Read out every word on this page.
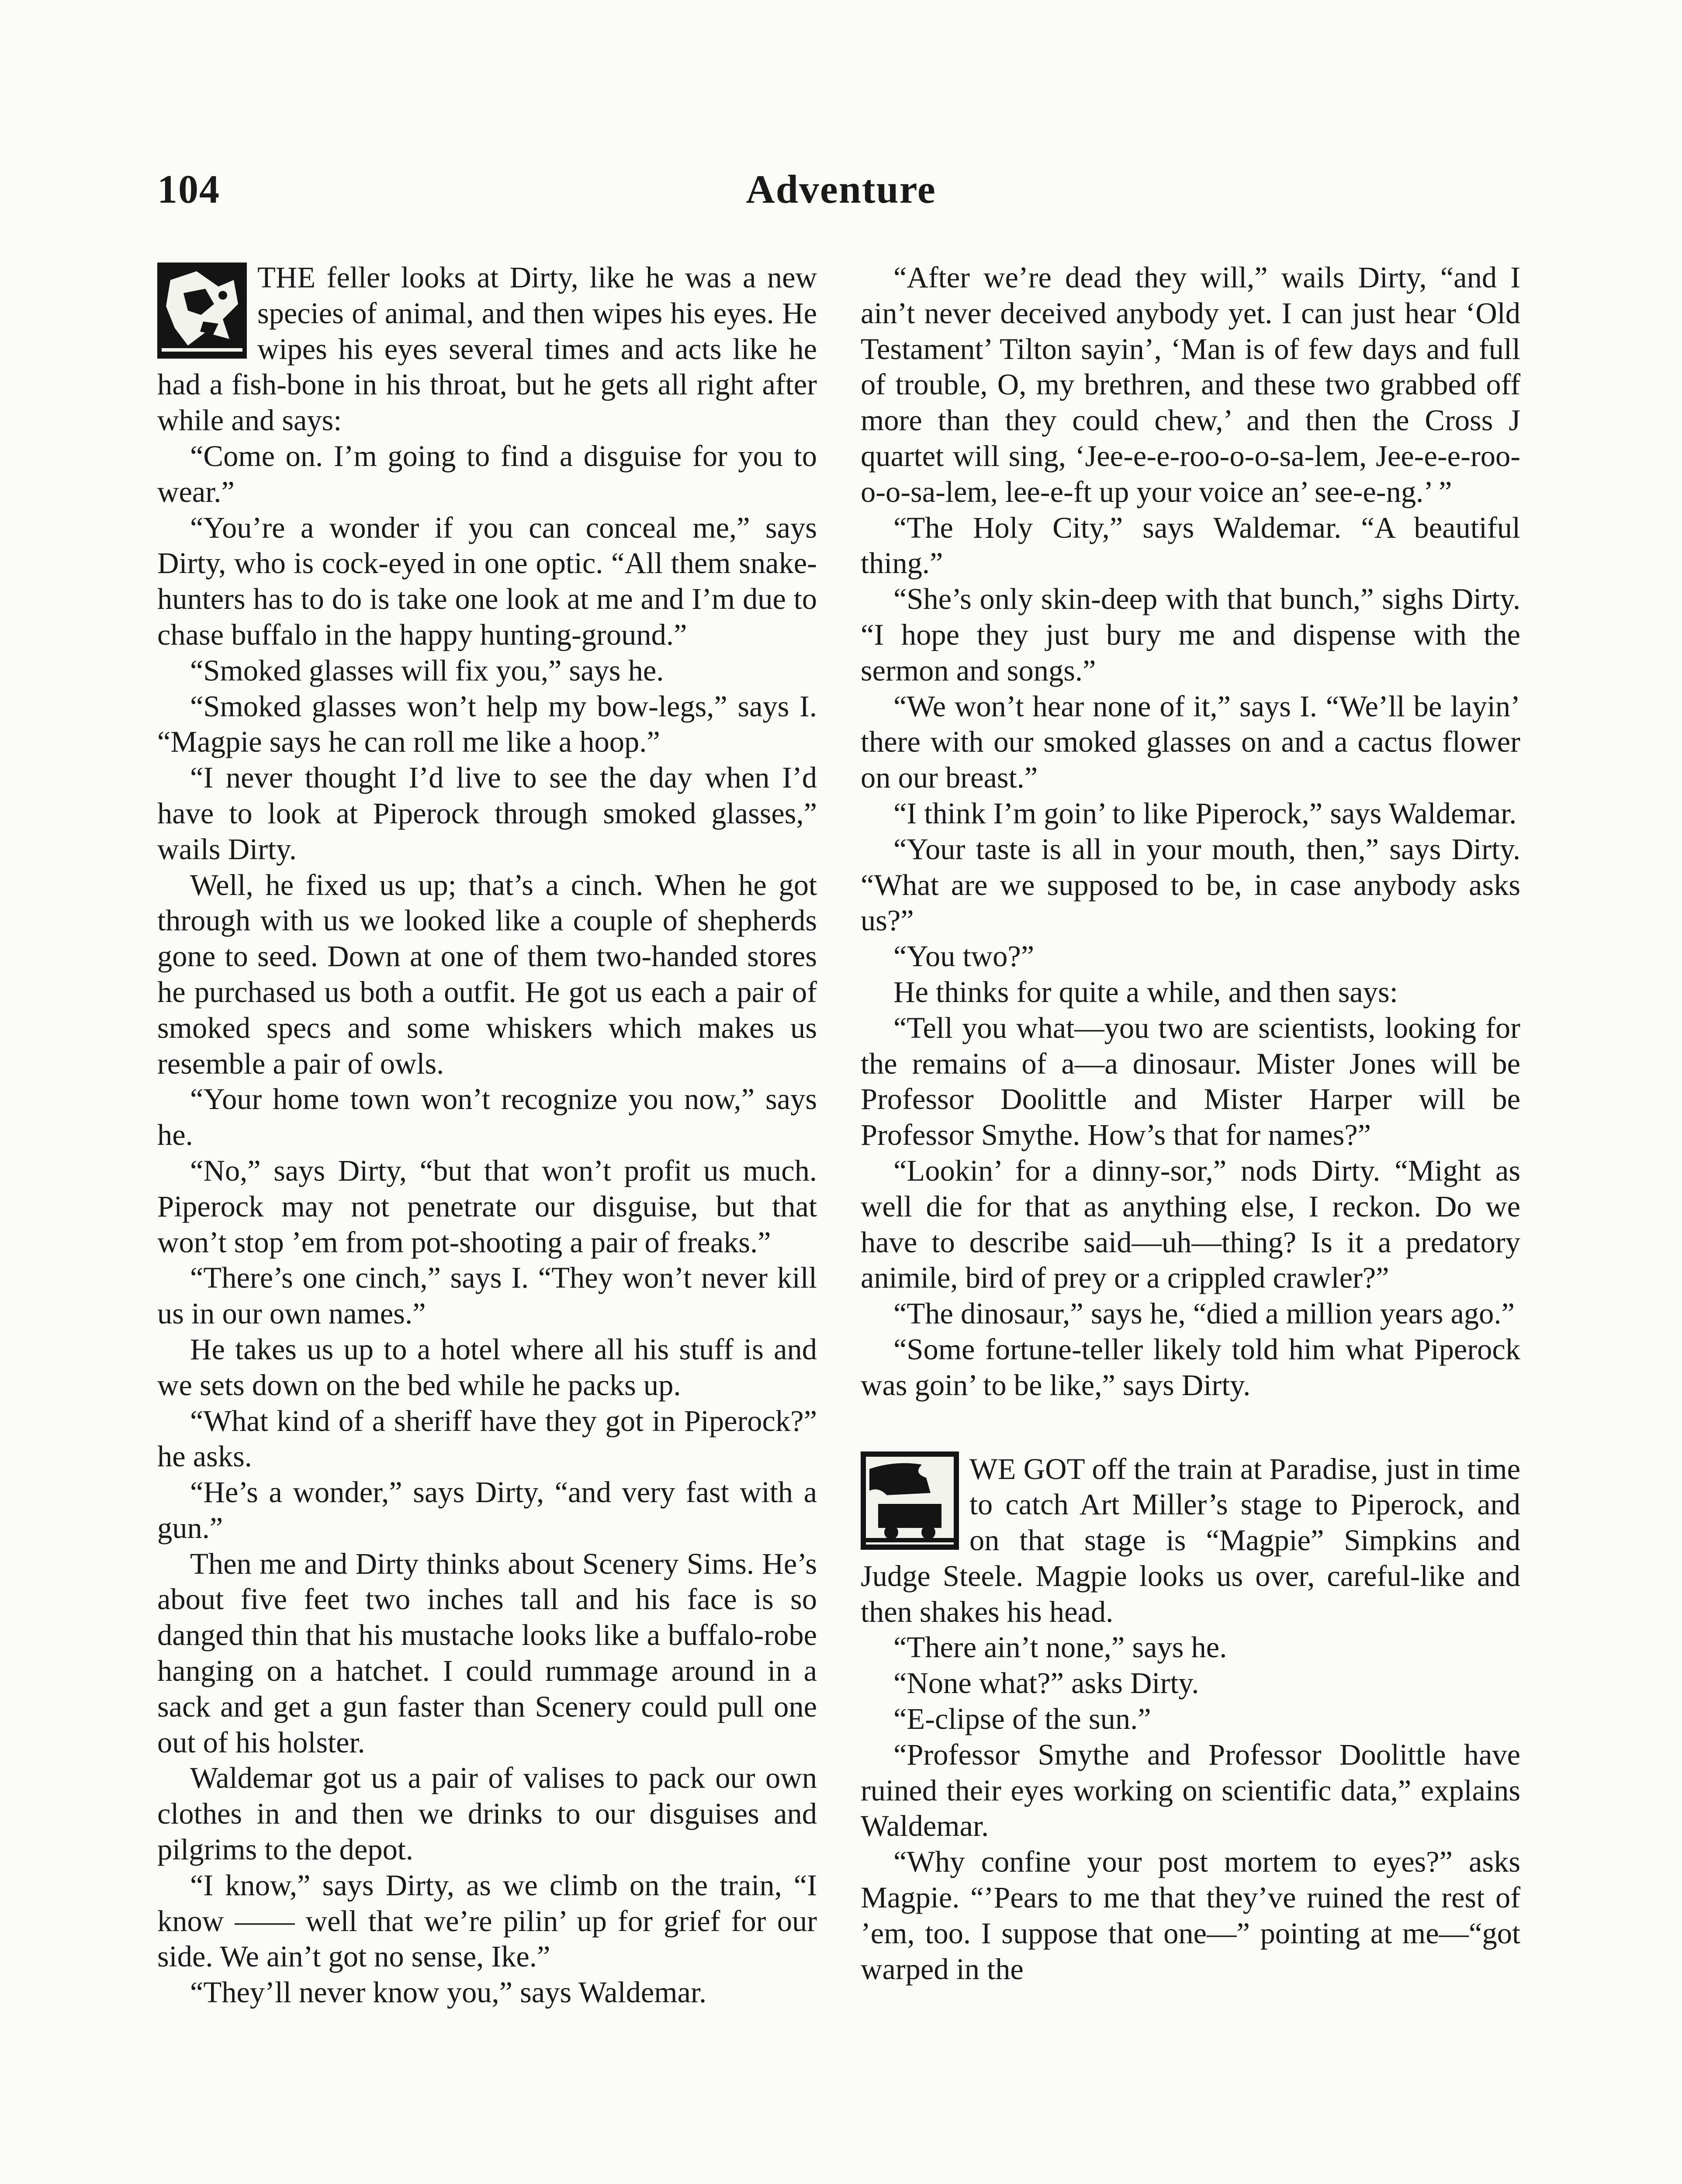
104	Adventure

THE feller looks at Dirty, like he was a new species of animal, and then wipes his eyes. He wipes his eyes several times and acts like he had a fish-bone in his throat, but he gets all right after while and says:

“Come on. I’m going to find a disguise for you to wear.”

“You’re a wonder if you can conceal me,” says Dirty, who is cock-eyed in one optic. “All them snake-hunters has to do is take one look at me and I’m due to chase buffalo in the happy hunting-ground.”

“Smoked glasses will fix you,” says he.

“Smoked glasses won’t help my bow-legs,” says I. “Magpie says he can roll me like a hoop.”

“I never thought I’d live to see the day when I’d have to look at Piperock through smoked glasses,” wails Dirty.

Well, he fixed us up; that’s a cinch. When he got through with us we looked like a couple of shepherds gone to seed. Down at one of them two-handed stores he purchased us both a outfit. He got us each a pair of smoked specs and some whiskers which makes us resemble a pair of owls.

“Your home town won’t recognize you now,” says he.

“No,” says Dirty, “but that won’t profit us much. Piperock may not penetrate our disguise, but that won’t stop ’em from pot-shooting a pair of freaks.”

“There’s one cinch,” says I. “They won’t never kill us in our own names.”

He takes us up to a hotel where all his stuff is and we sets down on the bed while he packs up.

“What kind of a sheriff have they got in Piperock?” he asks.

“He’s a wonder,” says Dirty, “and very fast with a gun.”

Then me and Dirty thinks about Scenery Sims. He’s about five feet two inches tall and his face is so danged thin that his mustache looks like a buffalo-robe hanging on a hatchet. I could rummage around in a sack and get a gun faster than Scenery could pull one out of his holster.

Waldemar got us a pair of valises to pack our own clothes in and then we drinks to our disguises and pilgrims to the depot.

“I know,” says Dirty, as we climb on the train, “I know —— well that we’re pilin’ up for grief for our side. We ain’t got no sense, Ike.”

“They’ll never know you,” says Waldemar.

“After we’re dead they will,” wails Dirty, “and I ain’t never deceived anybody yet. I can just hear ‘Old Testament’ Tilton sayin’, ‘Man is of few days and full of trouble, O, my brethren, and these two grabbed off more than they could chew,’ and then the Cross J quartet will sing, ‘Jee-e-e-roo-o-o-sa-lem, Jee-e-e-roo-o-o-sa-lem, lee-e-ft up your voice an’ see-e-ng.’ ”

“The Holy City,” says Waldemar. “A beautiful thing.”

“She’s only skin-deep with that bunch,” sighs Dirty. “I hope they just bury me and dispense with the sermon and songs.”

“We won’t hear none of it,” says I. “We’ll be layin’ there with our smoked glasses on and a cactus flower on our breast.”

“I think I’m goin’ to like Piperock,” says Waldemar.

“Your taste is all in your mouth, then,” says Dirty. “What are we supposed to be, in case anybody asks us?”

“You two?”

He thinks for quite a while, and then says:

“Tell you what—you two are scientists, looking for the remains of a—a dinosaur. Mister Jones will be Professor Doolittle and Mister Harper will be Professor Smythe. How’s that for names?”

“Lookin’ for a dinny-sor,” nods Dirty. “Might as well die for that as anything else, I reckon. Do we have to describe said—uh—thing? Is it a predatory animile, bird of prey or a crippled crawler?”

“The dinosaur,” says he, “died a million years ago.”

“Some fortune-teller likely told him what Piperock was goin’ to be like,” says Dirty.

WE GOT off the train at Paradise, just in time to catch Art Miller’s stage to Piperock, and on that stage is “Magpie” Simpkins and Judge Steele. Magpie looks us over, careful-like and then shakes his head.

“There ain’t none,” says he.

“None what?” asks Dirty.

“E-clipse of the sun.”

“Professor Smythe and Professor Doolittle have ruined their eyes working on scientific data,” explains Waldemar.

“Why confine your post mortem to eyes?” asks Magpie. “’Pears to me that they’ve ruined the rest of ’em, too. I suppose that one—” pointing at me—“got warped in the
